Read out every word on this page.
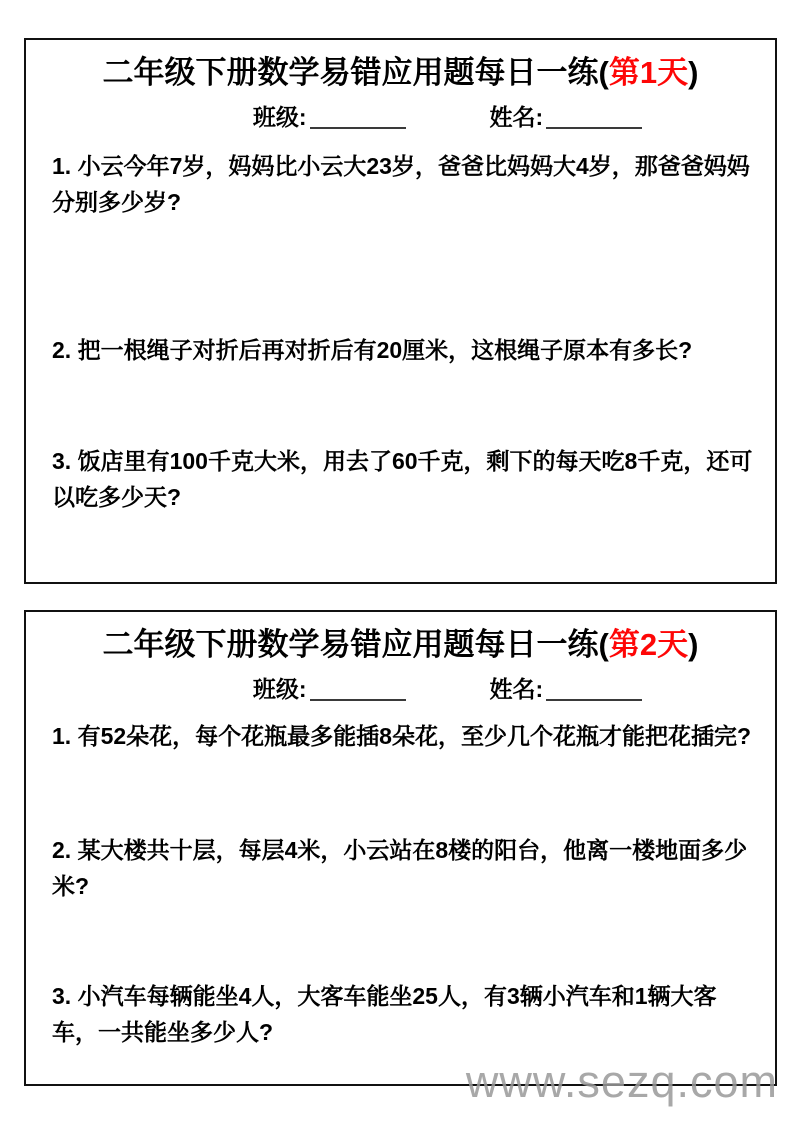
二年级下册数学易错应用题每日一练(第1天)
班级:	姓名:

1. 小云今年7岁，妈妈比小云大23岁，爸爸比妈妈大4岁，那爸爸妈妈分别多少岁?

2. 把一根绳子对折后再对折后有20厘米，这根绳子原本有多长?

3. 饭店里有100千克大米，用去了60千克，剩下的每天吃8千克，还可以吃多少天?

二年级下册数学易错应用题每日一练(第2天)
班级:	姓名:

1. 有52朵花，每个花瓶最多能插8朵花，至少几个花瓶才能把花插完?

2. 某大楼共十层，每层4米，小云站在8楼的阳台，他离一楼地面多少米?

3. 小汽车每辆能坐4人，大客车能坐25人，有3辆小汽车和1辆大客车，一共能坐多少人?

www.sezq.com
